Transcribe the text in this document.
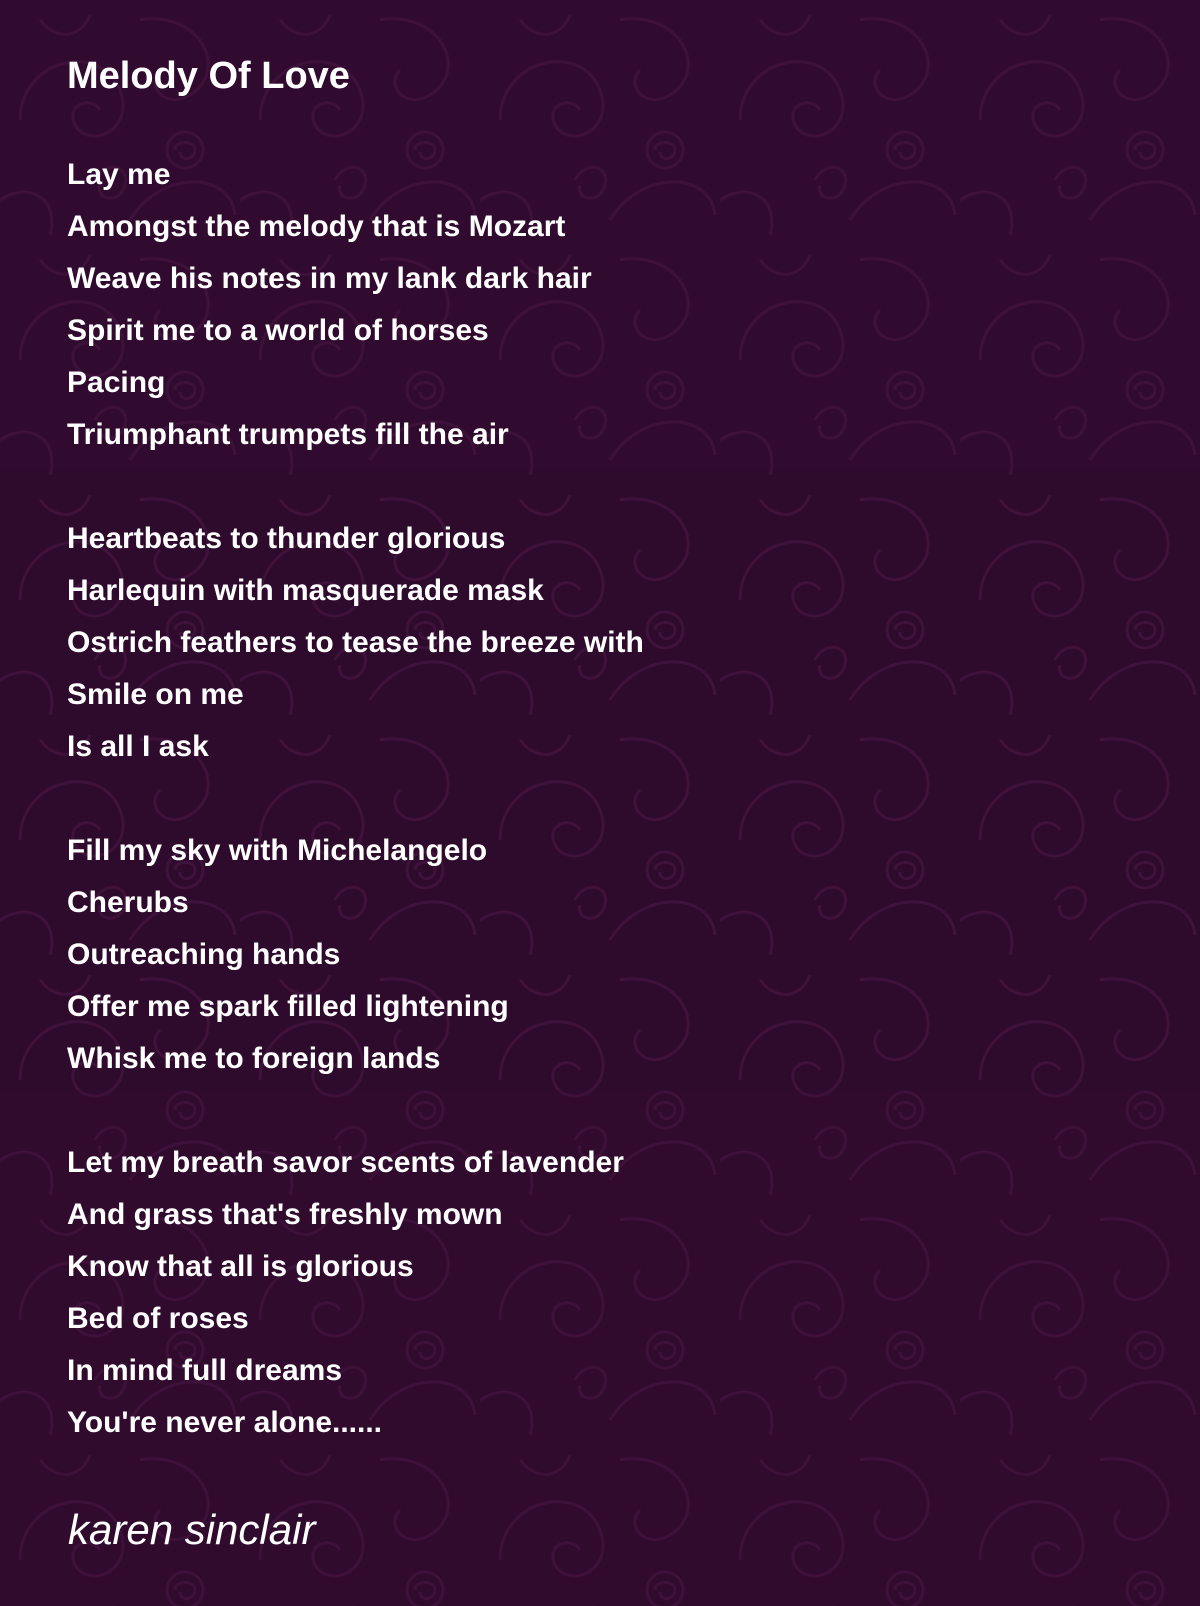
Melody Of Love
Lay me
Amongst the melody that is Mozart
Weave his notes in my lank dark hair
Spirit me to a world of horses
Pacing
Triumphant trumpets fill the air
Heartbeats to thunder glorious
Harlequin with masquerade mask
Ostrich feathers to tease the breeze with
Smile on me
Is all I ask
Fill my sky with Michelangelo
Cherubs
Outreaching hands
Offer me spark filled lightening
Whisk me to foreign lands
Let my breath savor scents of lavender
And grass that's freshly mown
Know that all is glorious
Bed of roses
In mind full dreams
You're never alone......
karen sinclair
